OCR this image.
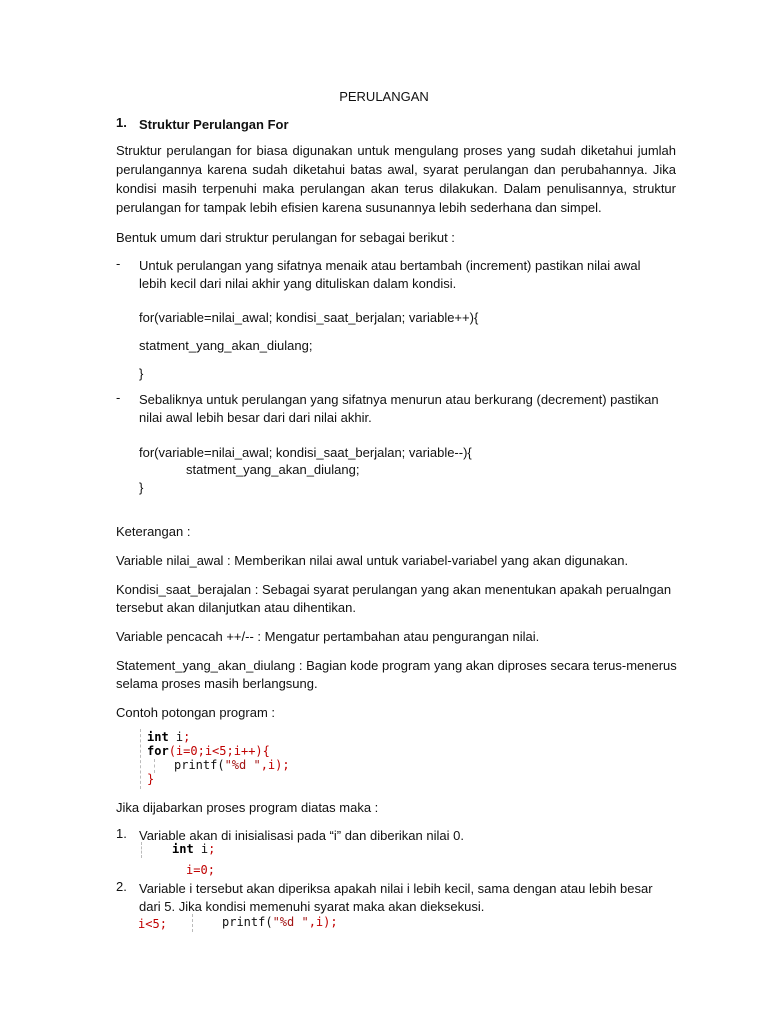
PERULANGAN
1. Struktur Perulangan For
Struktur perulangan for biasa digunakan untuk mengulang proses yang sudah diketahui jumlah
perulangannya karena sudah diketahui batas awal, syarat perulangan dan perubahannya. Jika
kondisi masih terpenuhi maka perulangan akan terus dilakukan. Dalam penulisannya, struktur
perulangan for tampak lebih efisien karena susunannya lebih sederhana dan simpel.
Bentuk umum dari struktur perulangan for sebagai berikut :
- Untuk perulangan yang sifatnya menaik atau bertambah (increment) pastikan nilai awal
lebih kecil dari nilai akhir yang dituliskan dalam kondisi.
for(variable=nilai_awal; kondisi_saat_berjalan; variable++){
statment_yang_akan_diulang;
}
- Sebaliknya untuk perulangan yang sifatnya menurun atau berkurang (decrement) pastikan
nilai awal lebih besar dari dari nilai akhir.
for(variable=nilai_awal; kondisi_saat_berjalan; variable--){
statment_yang_akan_diulang;
}
Keterangan :
Variable nilai_awal : Memberikan nilai awal untuk variabel-variabel yang akan digunakan.
Kondisi_saat_berajalan : Sebagai syarat perulangan yang akan menentukan apakah perualngan
tersebut akan dilanjutkan atau dihentikan.
Variable pencacah ++/-- : Mengatur pertambahan atau pengurangan nilai.
Statement_yang_akan_diulang : Bagian kode program yang akan diproses secara terus-menerus
selama proses masih berlangsung.
Contoh potongan program :
int i;
for(i=0;i<5;i++){
printf("%d ",i);
}
Jika dijabarkan proses program diatas maka :
1. Variable akan di inisialisasi pada “i” dan diberikan nilai 0.
int i;
i=0;
2. Variable i tersebut akan diperiksa apakah nilai i lebih kecil, sama dengan atau lebih besar
dari 5. Jika kondisi memenuhi syarat maka akan dieksekusi.
i<5;	printf("%d ",i);
